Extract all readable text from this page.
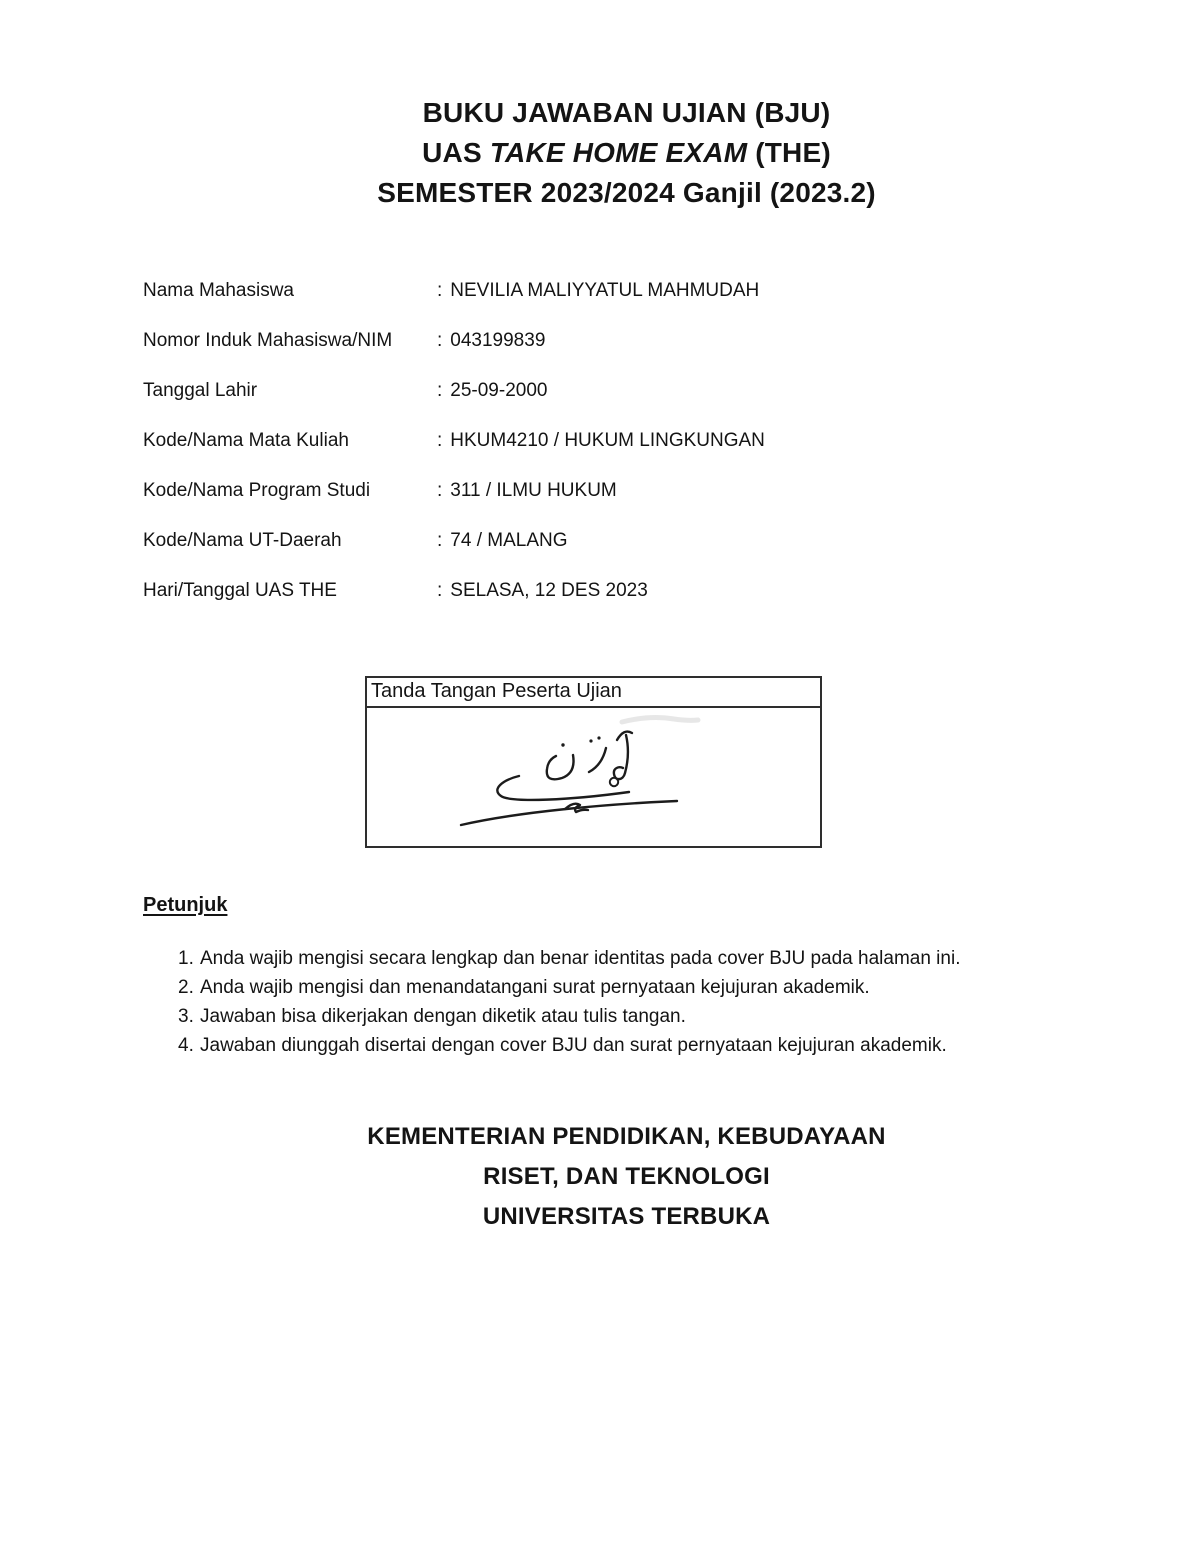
BUKU JAWABAN UJIAN (BJU)
UAS TAKE HOME EXAM (THE)
SEMESTER 2023/2024 Ganjil (2023.2)
Nama Mahasiswa	: NEVILIA MALIYYATUL MAHMUDAH
Nomor Induk Mahasiswa/NIM	: 043199839
Tanggal Lahir	: 25-09-2000
Kode/Nama Mata Kuliah	: HKUM4210 / HUKUM LINGKUNGAN
Kode/Nama Program Studi	: 311 / ILMU HUKUM
Kode/Nama UT-Daerah	: 74 / MALANG
Hari/Tanggal UAS THE	: SELASA, 12 DES 2023
Tanda Tangan Peserta Ujian
Petunjuk
1. Anda wajib mengisi secara lengkap dan benar identitas pada cover BJU pada halaman ini.
2. Anda wajib mengisi dan menandatangani surat pernyataan kejujuran akademik.
3. Jawaban bisa dikerjakan dengan diketik atau tulis tangan.
4. Jawaban diunggah disertai dengan cover BJU dan surat pernyataan kejujuran akademik.
KEMENTERIAN PENDIDIKAN, KEBUDAYAAN
RISET, DAN TEKNOLOGI
UNIVERSITAS TERBUKA
